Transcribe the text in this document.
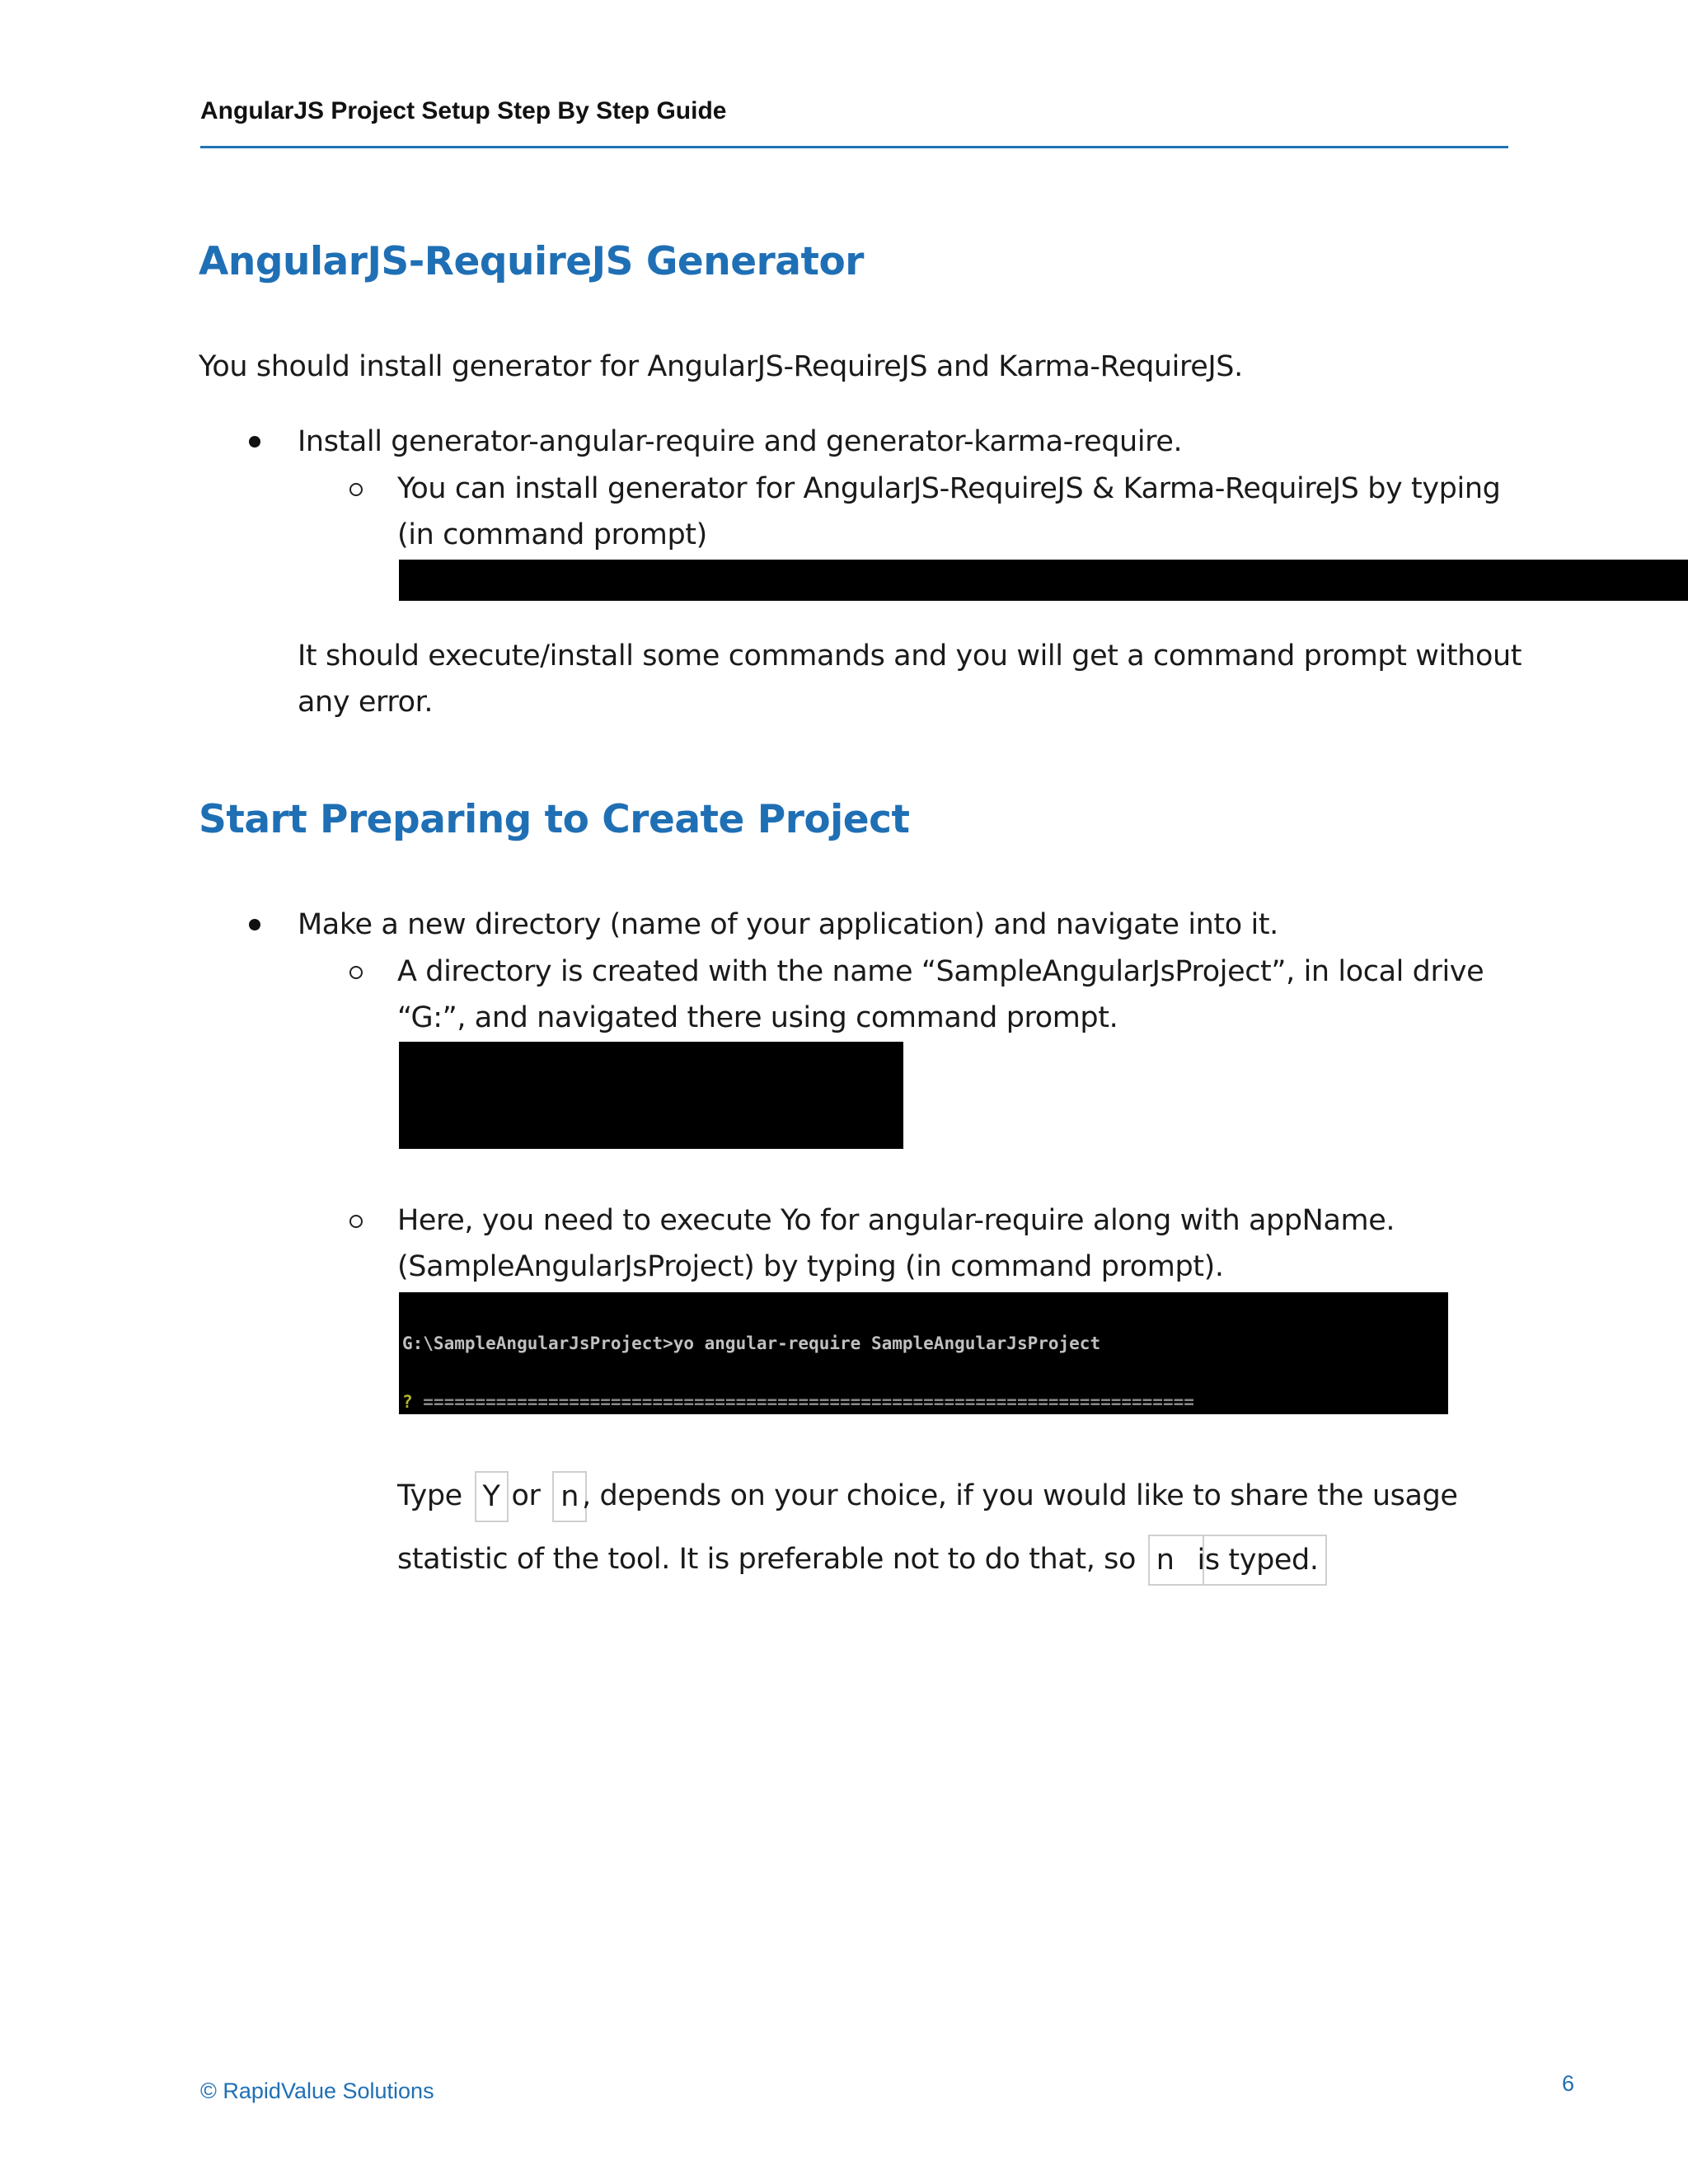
AngularJS Project Setup Step By Step Guide
AngularJS-RequireJS Generator
You should install generator for AngularJS-RequireJS and Karma-RequireJS.
Install generator-angular-require and generator-karma-require.
You can install generator for AngularJS-RequireJS & Karma-RequireJS by typing
(in command prompt)

It should execute/install some commands and you will get a command prompt without
any error.
Start Preparing to Create Project
Make a new directory (name of your application) and navigate into it.
A directory is created with the name “SampleAngularJsProject”, in local drive
“G:”, and navigated there using command prompt.

Here, you need to execute Yo for angular-require along with appName.
(SampleAngularJsProject) by typing (in command prompt).

G:\SampleAngularJsProject>yo angular-require SampleAngularJsProject

? ==========================================================================

Type Y or n , depends on your choice, if you would like to share the usage
statistic of the tool. It is preferable not to do that, so n is typed.
© RapidValue Solutions	6
